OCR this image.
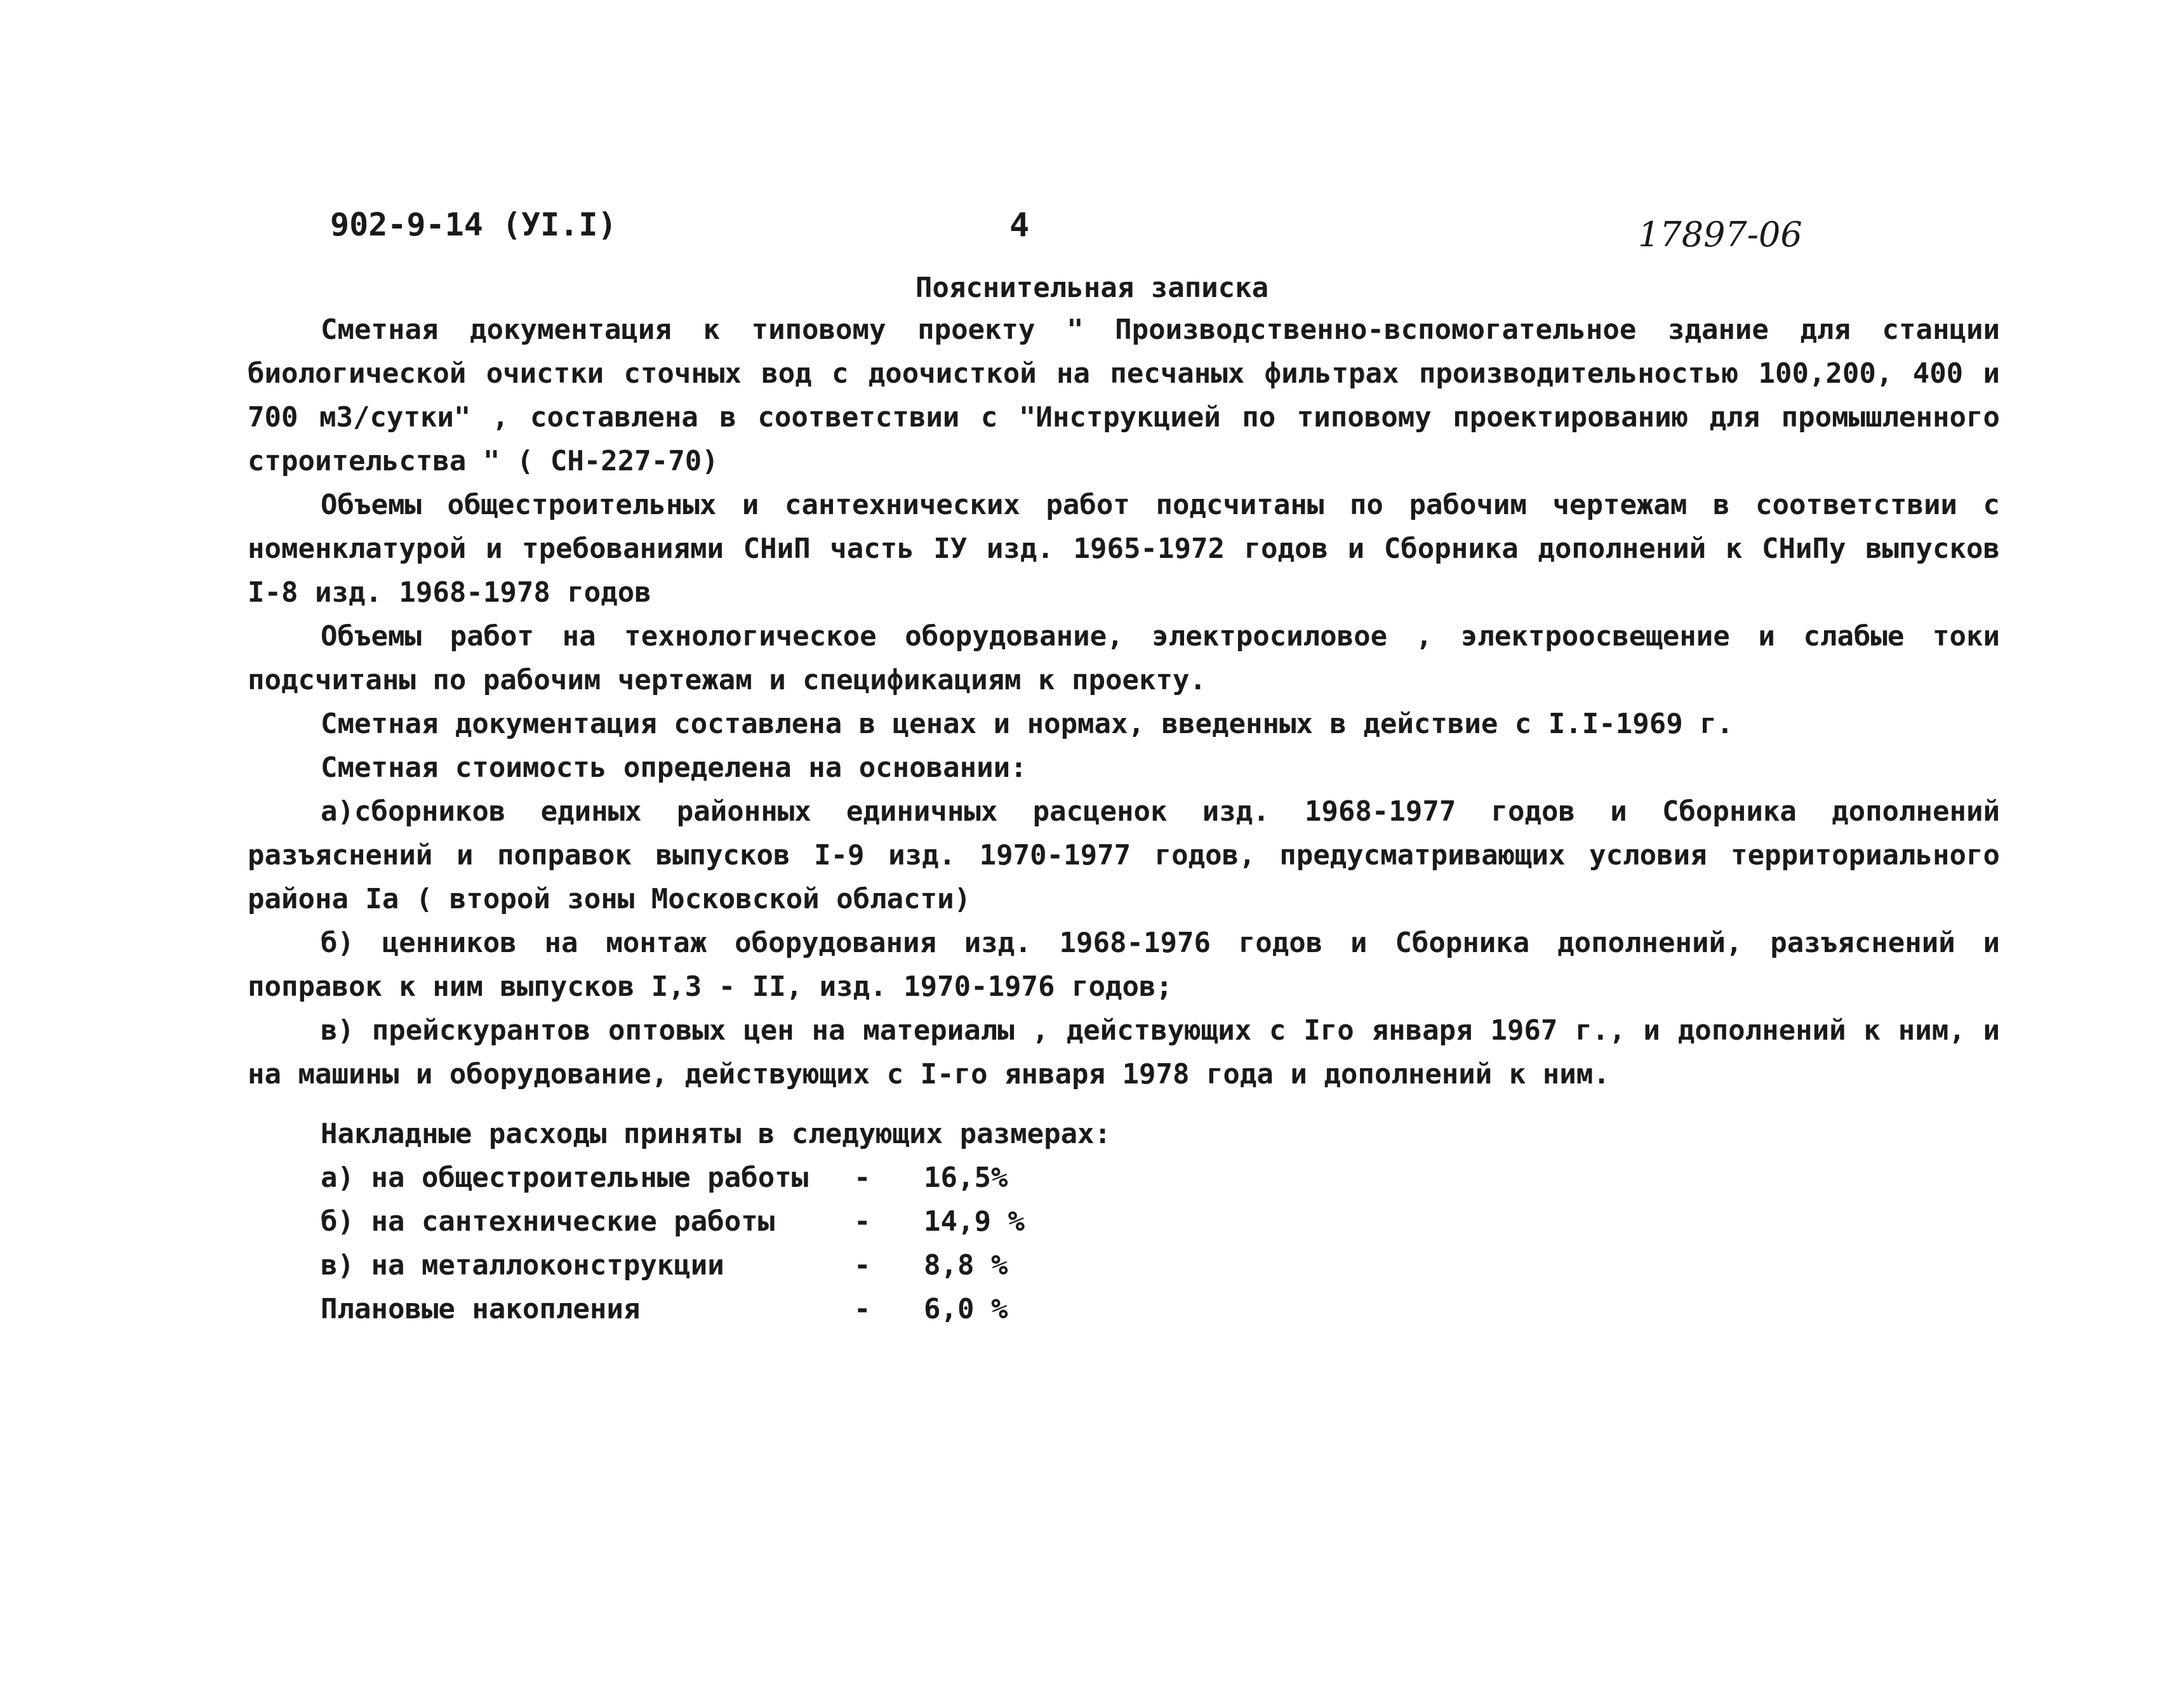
902-9-14 (УI.I)	4	17897-06
Пояснительная записка

Сметная документация к типовому проекту " Производственно-вспомогательное здание для станции биологической очистки сточных вод с доочисткой на песчаных фильтрах производительностью 100,200, 400 и 700 м3/сутки" , составлена в соответствии с "Инструкцией по типовому проектированию для промышленного строительства " ( СН-227-70)

Объемы общестроительных и сантехнических работ подсчитаны по рабочим чертежам в соответствии с номенклатурой и требованиями СНиП часть IУ изд. 1965-1972 годов и Сборника дополнений к СНиПу выпусков I-8 изд. 1968-1978 годов

Объемы работ на технологическое оборудование, электросиловое , электроосвещение и слабые токи подсчитаны по рабочим чертежам и спецификациям к проекту.

Сметная документация составлена в ценах и нормах, введенных в действие с I.I-1969 г.

Сметная стоимость определена на основании:

а)сборников единых районных единичных расценок изд. 1968-1977 годов и Сборника дополнений разъяснений и поправок выпусков I-9 изд. 1970-1977 годов, предусматривающих условия территориального района Iа ( второй зоны Московской области)

б) ценников на монтаж оборудования изд. 1968-1976 годов и Сборника дополнений, разъяснений и поправок к ним выпусков I,3 - II, изд. 1970-1976 годов;

в) прейскурантов оптовых цен на материалы , действующих с Iго января 1967 г., и дополнений к ним, и на машины и оборудование, действующих с I-го января 1978 года и дополнений к ним.

Накладные расходы приняты в следующих размерах:

а) на общестроительные работы	-	16,5%
б) на сантехнические работы	-	14,9 %
в) на металлоконструкции	-	8,8 %
Плановые накопления	-	6,0 %
